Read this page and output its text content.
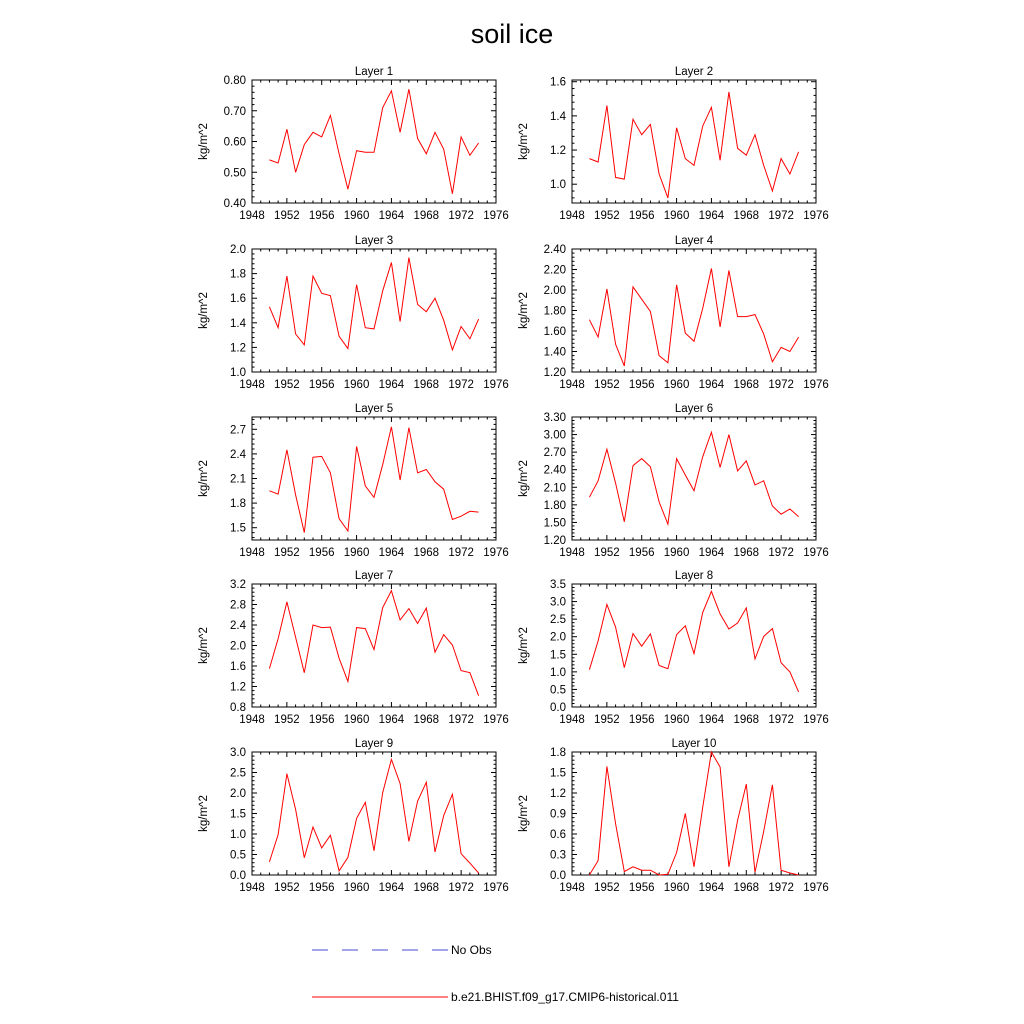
soil ice
Layer 1
kg/m^2
1948 1952 1956 1960 1964 1968 1972 1976
0.40
0.50
0.60
0.70
0.80
Layer 2
kg/m^2
1948 1952 1956 1960 1964 1968 1972 1976
1.0
1.2
1.4
1.6
Layer 3
kg/m^2
1948 1952 1956 1960 1964 1968 1972 1976
1.0
1.2
1.4
1.6
1.8
2.0
Layer 4
kg/m^2
1948 1952 1956 1960 1964 1968 1972 1976
1.20
1.40
1.60
1.80
2.00
2.20
2.40
Layer 5
kg/m^2
1948 1952 1956 1960 1964 1968 1972 1976
1.5
1.8
2.1
2.4
2.7
Layer 6
kg/m^2
1948 1952 1956 1960 1964 1968 1972 1976
1.20
1.50
1.80
2.10
2.40
2.70
3.00
3.30
Layer 7
kg/m^2
1948 1952 1956 1960 1964 1968 1972 1976
0.8
1.2
1.6
2.0
2.4
2.8
3.2
Layer 8
kg/m^2
1948 1952 1956 1960 1964 1968 1972 1976
0.0
0.5
1.0
1.5
2.0
2.5
3.0
3.5
Layer 9
kg/m^2
1948 1952 1956 1960 1964 1968 1972 1976
0.0
0.5
1.0
1.5
2.0
2.5
3.0
Layer 10
kg/m^2
1948 1952 1956 1960 1964 1968 1972 1976
0.0
0.3
0.6
0.9
1.2
1.5
1.8
No Obs
b.e21.BHIST.f09_g17.CMIP6-historical.011
